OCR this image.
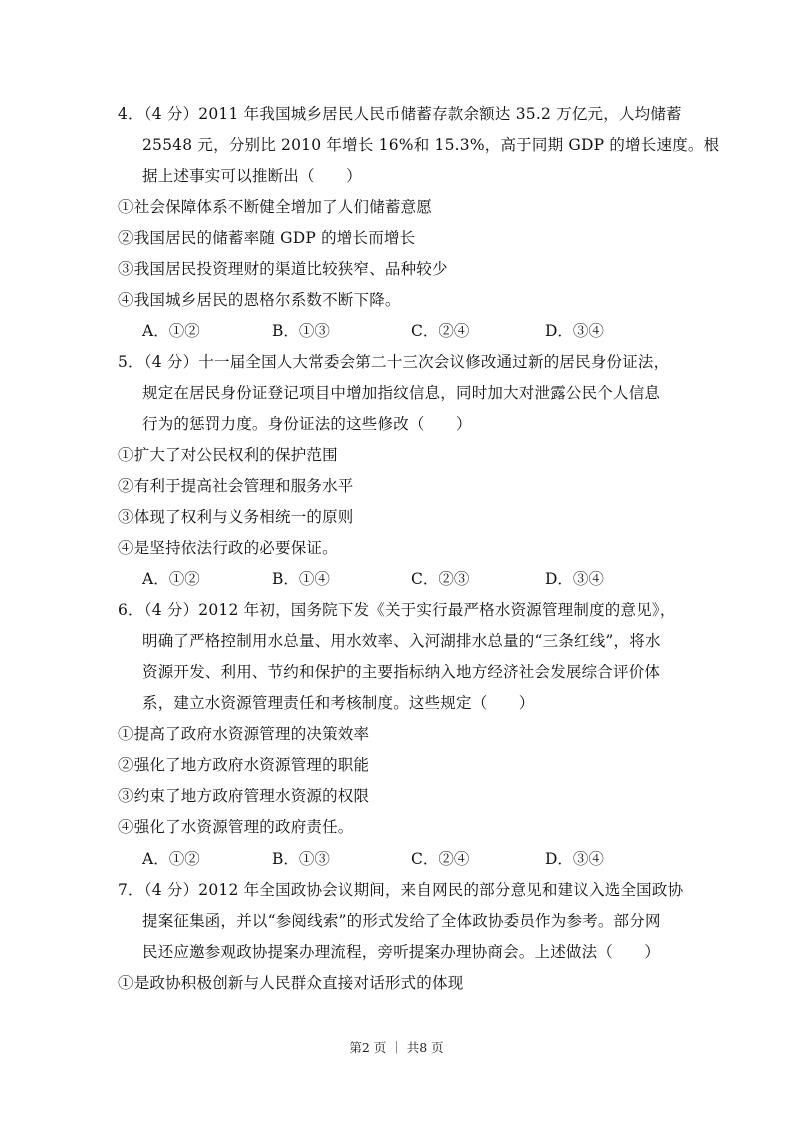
4．（4 分）2011 年我国城乡居民人民币储蓄存款余额达 35.2 万亿元，人均储蓄
25548 元，分别比 2010 年增长 16%和 15.3%，高于同期 GDP 的增长速度。根
据上述事实可以推断出（　　）
①社会保障体系不断健全增加了人们储蓄意愿
②我国居民的储蓄率随 GDP 的增长而增长
③我国居民投资理财的渠道比较狭窄、品种较少
④我国城乡居民的恩格尔系数不断下降。
A．①②	B．①③	C．②④	D．③④
5．（4 分）十一届全国人大常委会第二十三次会议修改通过新的居民身份证法，
规定在居民身份证登记项目中增加指纹信息，同时加大对泄露公民个人信息
行为的惩罚力度。身份证法的这些修改（　　）
①扩大了对公民权利的保护范围
②有利于提高社会管理和服务水平
③体现了权利与义务相统一的原则
④是坚持依法行政的必要保证。
A．①②	B．①④	C．②③	D．③④
6．（4 分）2012 年初，国务院下发《关于实行最严格水资源管理制度的意见》，
明确了严格控制用水总量、用水效率、入河湖排水总量的“三条红线”，将水
资源开发、利用、节约和保护的主要指标纳入地方经济社会发展综合评价体
系，建立水资源管理责任和考核制度。这些规定（　　）
①提高了政府水资源管理的决策效率
②强化了地方政府水资源管理的职能
③约束了地方政府管理水资源的权限
④强化了水资源管理的政府责任。
A．①②	B．①③	C．②④	D．③④
7．（4 分）2012 年全国政协会议期间，来自网民的部分意见和建议入选全国政协
提案征集函，并以“参阅线索”的形式发给了全体政协委员作为参考。部分网
民还应邀参观政协提案办理流程，旁听提案办理协商会。上述做法（　　）
①是政协积极创新与人民群众直接对话形式的体现
第2 页 ｜ 共8 页
